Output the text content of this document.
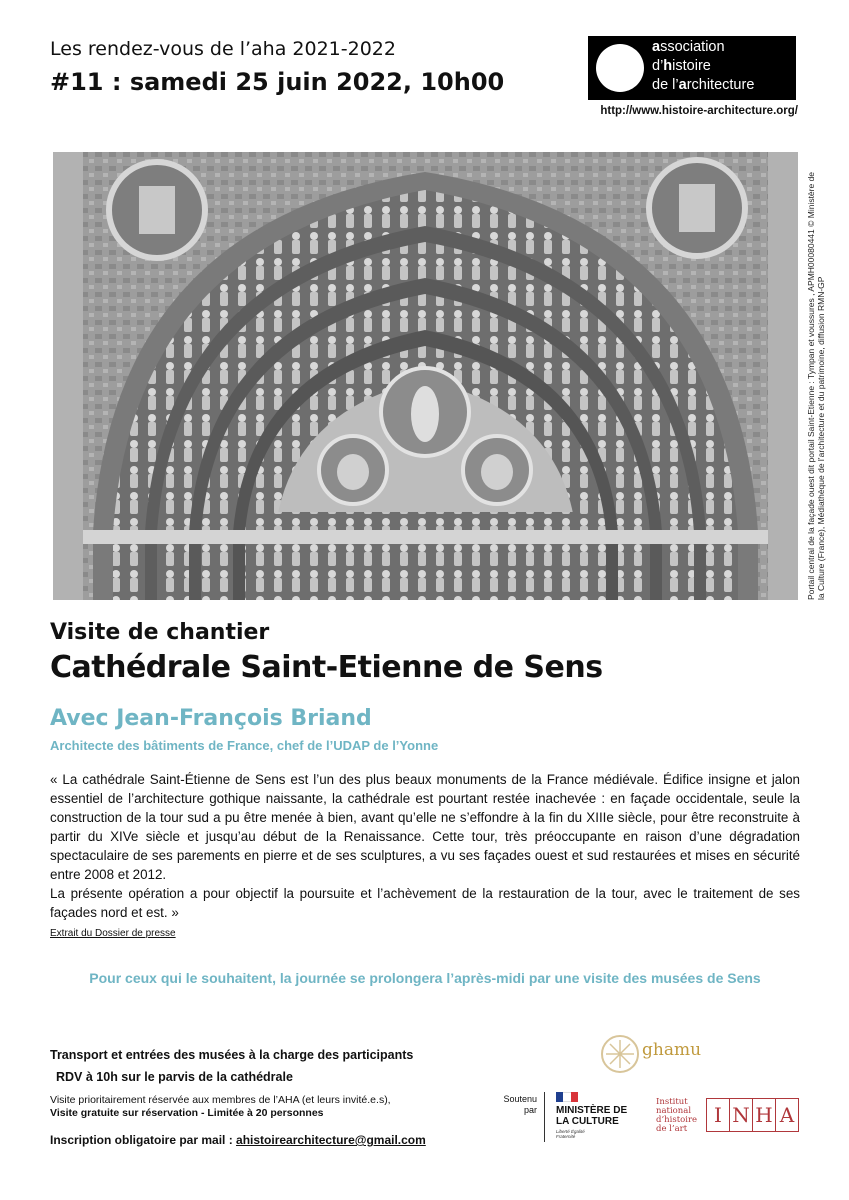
Les rendez-vous de l’aha 2021-2022
#11 : samedi 25 juin 2022, 10h00
association
d’histoire
de l’architecture
http://www.histoire-architecture.org/
Portail central de la façade ouest dit portail Saint-Etienne : Tympan et voussures , APMH00080441 © Ministère de la Culture (France), Médiathèque de l’architecture et du patrimoine, diffusion RMN-GP
Visite de chantier
Cathédrale Saint-Etienne de Sens
Avec Jean-François Briand
Architecte des bâtiments de France, chef de l’UDAP de l’Yonne

« La cathédrale Saint-Étienne de Sens est l’un des plus beaux monuments de la France médiévale. Édifice insigne et jalon essentiel de l’architecture gothique naissante, la cathédrale est pourtant restée inachevée : en façade occidentale, seule la construction de la tour sud a pu être menée à bien, avant qu’elle ne s’effondre à la fin du XIIIe siècle, pour être reconstruite à partir du XIVe siècle et jusqu’au début de la Renaissance. Cette tour, très préoccupante en raison d’une dégradation spectaculaire de ses parements en pierre et de ses sculptures, a vu ses façades ouest et sud restaurées et mises en sécurité entre 2008 et 2012.

La présente opération a pour objectif la poursuite et l’achèvement de la restauration de la tour, avec le traitement de ses façades nord et est. »

Extrait du Dossier de presse
Pour ceux qui le souhaitent, la journée se prolongera l’après-midi par une visite des musées de Sens
Transport et entrées des musées à la charge des participants
RDV à 10h sur le parvis de la cathédrale
Visite prioritairement réservée aux membres de l’AHA (et leurs invité.e.s),
Visite gratuite sur réservation - Limitée à 20 personnes
Inscription obligatoire par mail : ahistoirearchitecture@gmail.com
ghamu
Soutenu par MINISTÈRE DE LA CULTURE
Liberté Égalité Fraternité
Institut national d’histoire de l’art
I N H A
